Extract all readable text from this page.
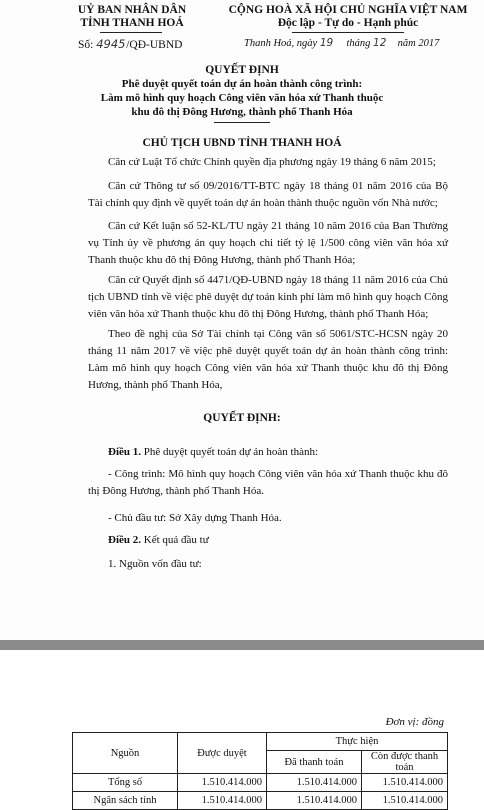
UỶ BAN NHÂN DÂN
TỈNH THANH HOÁ
Số: 4945/QĐ-UBND
CỘNG HOÀ XÃ HỘI CHỦ NGHĨA VIỆT NAM
Độc lập - Tự do - Hạnh phúc
Thanh Hoá, ngày 19 tháng 12 năm 2017
QUYẾT ĐỊNH
Phê duyệt quyết toán dự án hoàn thành công trình:
Làm mô hình quy hoạch Công viên văn hóa xứ Thanh thuộc
khu đô thị Đông Hương, thành phố Thanh Hóa
CHỦ TỊCH UBND TỈNH THANH HOÁ
Căn cứ Luật Tổ chức Chính quyền địa phương ngày 19 tháng 6 năm 2015;
Căn cứ Thông tư số 09/2016/TT-BTC ngày 18 tháng 01 năm 2016 của Bộ Tài chính quy định về quyết toán dự án hoàn thành thuộc nguồn vốn Nhà nước;
Căn cứ Kết luận số 52-KL/TU ngày 21 tháng 10 năm 2016 của Ban Thường vụ Tỉnh ủy về phương án quy hoạch chi tiết tỷ lệ 1/500 công viên văn hóa xứ Thanh thuộc khu đô thị Đông Hương, thành phố Thanh Hóa;
Căn cứ Quyết định số 4471/QĐ-UBND ngày 18 tháng 11 năm 2016 của Chủ tịch UBND tỉnh về việc phê duyệt dự toán kinh phí làm mô hình quy hoạch Công viên văn hóa xứ Thanh thuộc khu đô thị Đông Hương, thành phố Thanh Hóa;
Theo đề nghị của Sở Tài chính tại Công văn số 5061/STC-HCSN ngày 20 tháng 11 năm 2017 về việc phê duyệt quyết toán dự án hoàn thành công trình: Làm mô hình quy hoạch Công viên văn hóa xứ Thanh thuộc khu đô thị Đông Hương, thành phố Thanh Hóa,
QUYẾT ĐỊNH:
Điều 1. Phê duyệt quyết toán dự án hoàn thành:
- Công trình: Mô hình quy hoạch Công viên văn hóa xứ Thanh thuộc khu đô thị Đông Hương, thành phố Thanh Hóa.
- Chủ đầu tư: Sở Xây dựng Thanh Hóa.
Điều 2. Kết quả đầu tư
1. Nguồn vốn đầu tư:
Đơn vị: đồng
Nguồn	Được duyệt	Thực hiện	
		Đã thanh toán	Còn được thanh toán
Tổng số	1.510.414.000	1.510.414.000	1.510.414.000
Ngân sách tỉnh	1.510.414.000	1.510.414.000	1.510.414.000
